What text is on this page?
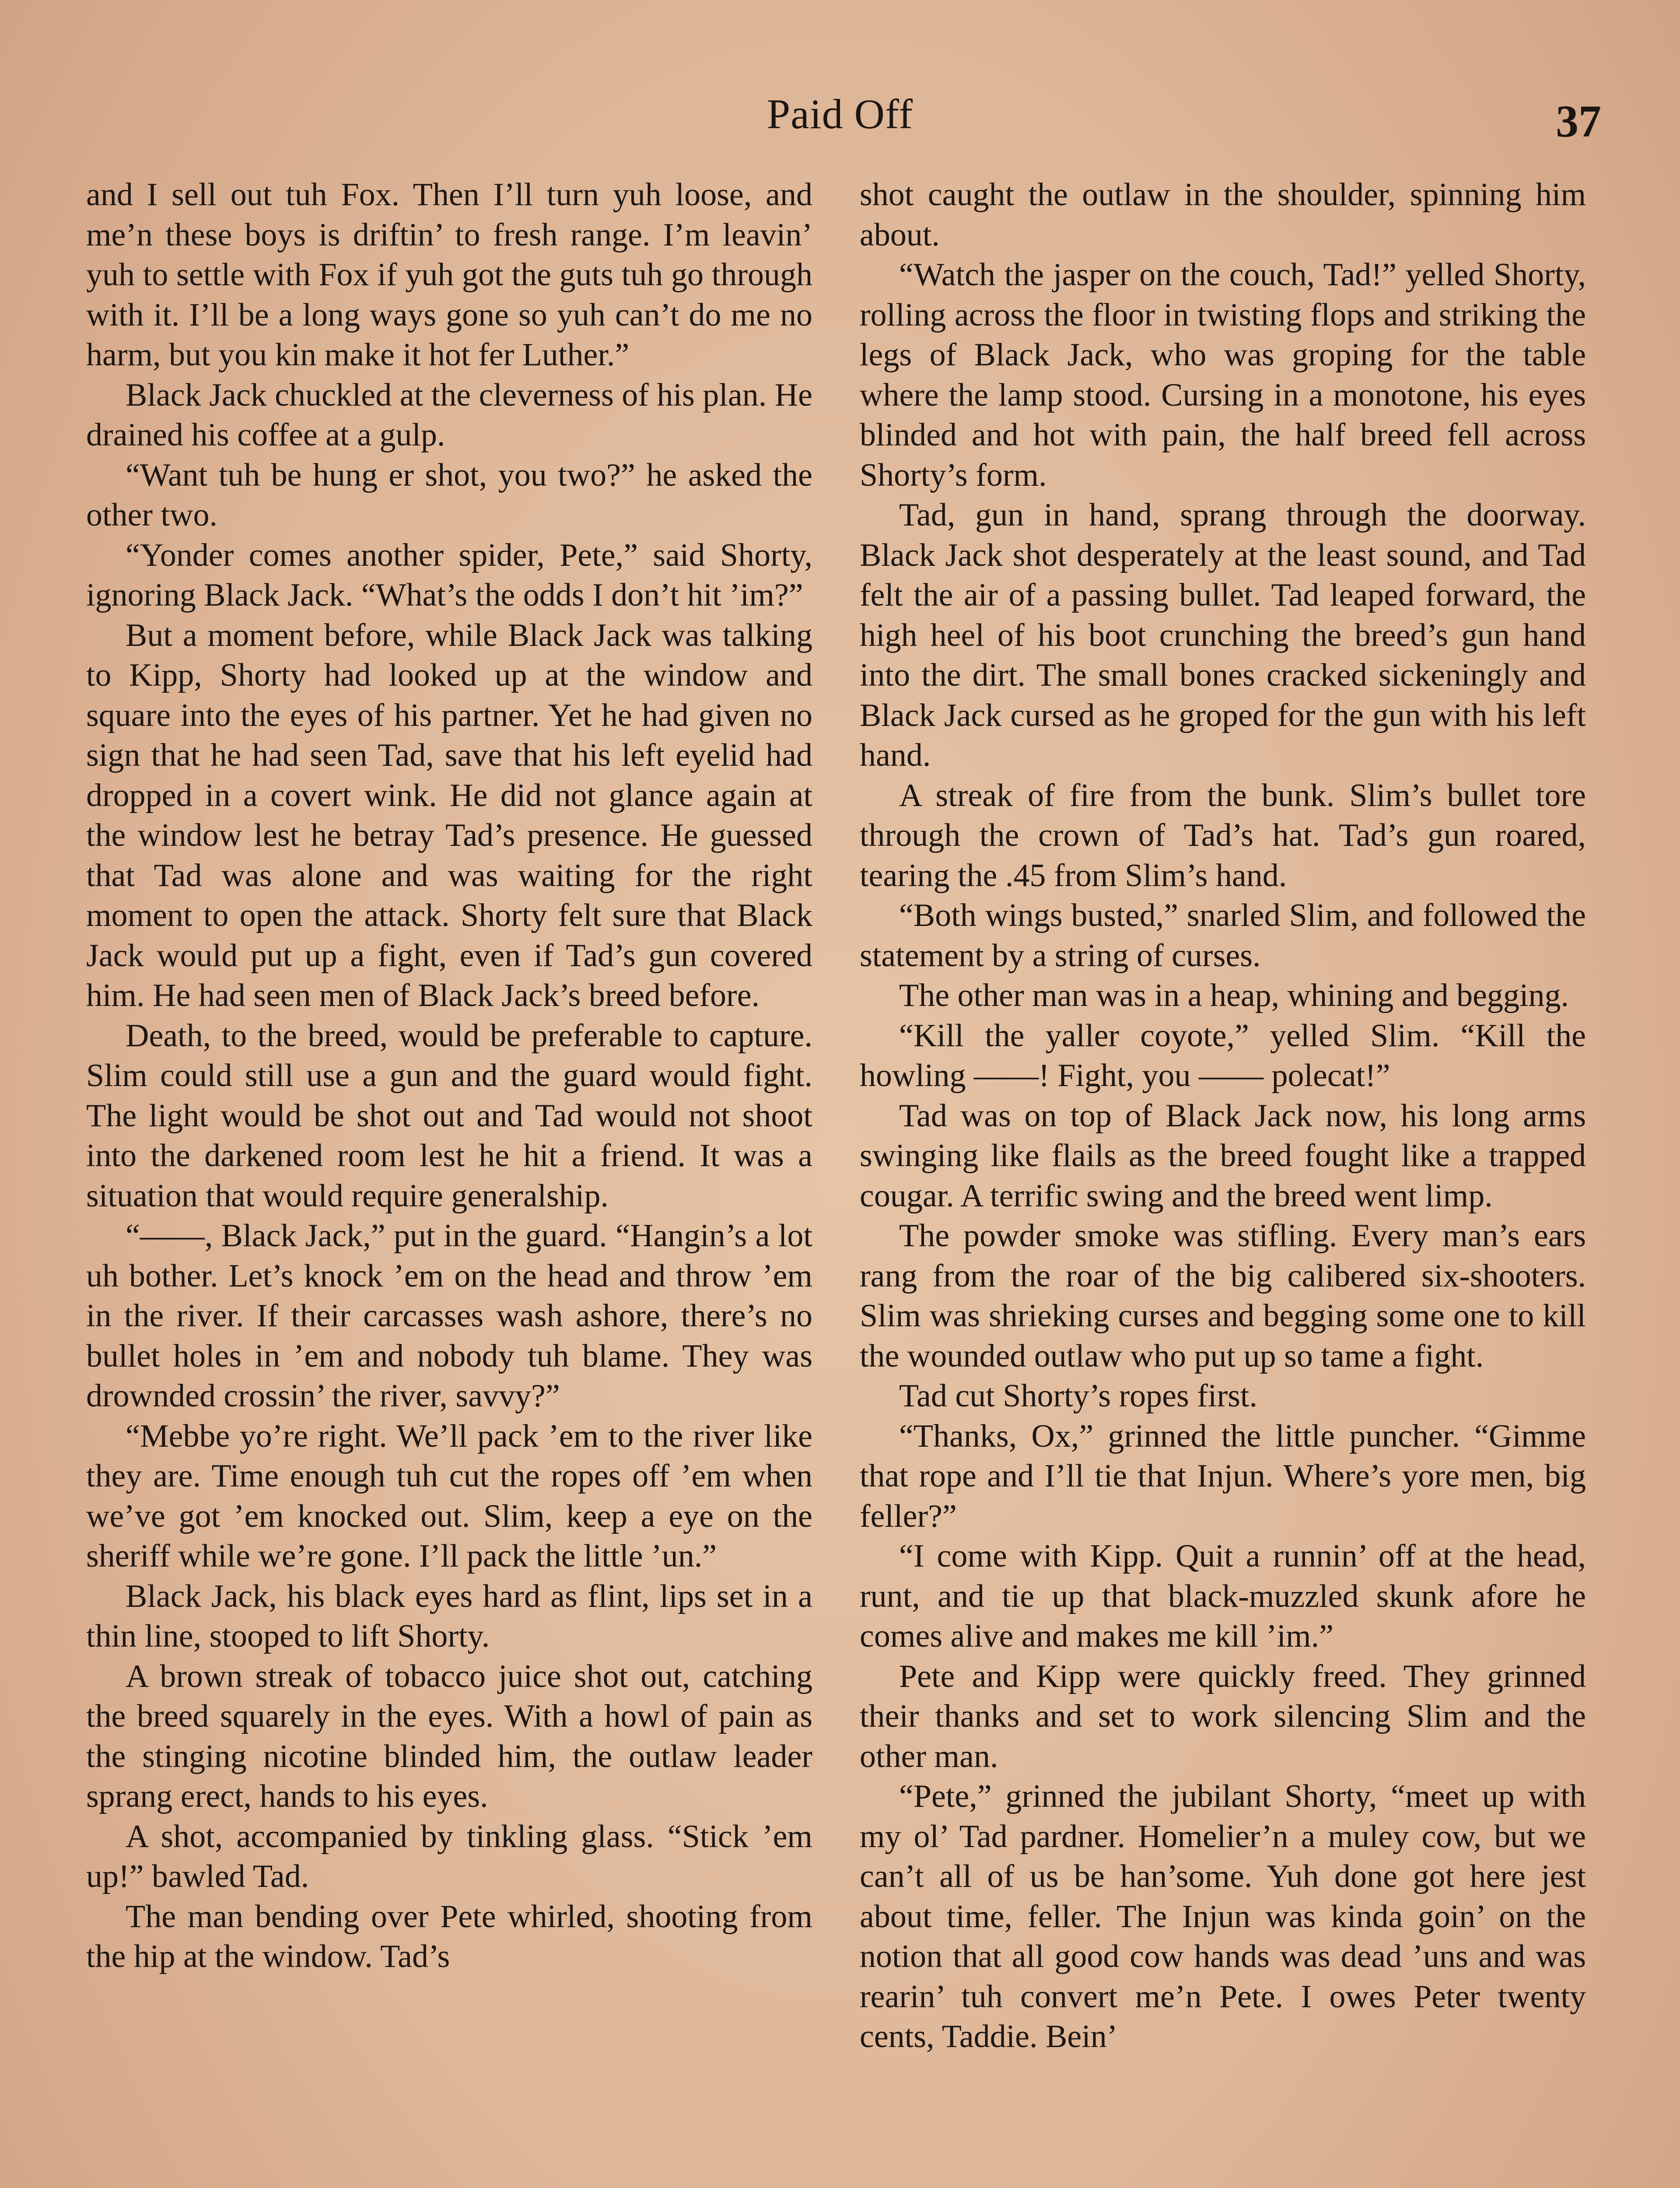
Paid Off	37

and I sell out tuh Fox. Then I’ll turn yuh loose, and me’n these boys is driftin’ to fresh range. I’m leavin’ yuh to settle with Fox if yuh got the guts tuh go through with it. I’ll be a long ways gone so yuh can’t do me no harm, but you kin make it hot fer Luther.”

Black Jack chuckled at the cleverness of his plan. He drained his coffee at a gulp.

“Want tuh be hung er shot, you two?” he asked the other two.

“Yonder comes another spider, Pete,” said Shorty, ignoring Black Jack. “What’s the odds I don’t hit ’im?”

But a moment before, while Black Jack was talking to Kipp, Shorty had looked up at the window and square into the eyes of his partner. Yet he had given no sign that he had seen Tad, save that his left eyelid had dropped in a covert wink. He did not glance again at the window lest he betray Tad’s presence. He guessed that Tad was alone and was waiting for the right moment to open the attack. Shorty felt sure that Black Jack would put up a fight, even if Tad’s gun covered him. He had seen men of Black Jack’s breed before.

Death, to the breed, would be preferable to capture. Slim could still use a gun and the guard would fight. The light would be shot out and Tad would not shoot into the darkened room lest he hit a friend. It was a situation that would require generalship.

“——, Black Jack,” put in the guard. “Hangin’s a lot uh bother. Let’s knock ’em on the head and throw ’em in the river. If their carcasses wash ashore, there’s no bullet holes in ’em and nobody tuh blame. They was drownded crossin’ the river, savvy?”

“Mebbe yo’re right. We’ll pack ’em to the river like they are. Time enough tuh cut the ropes off ’em when we’ve got ’em knocked out. Slim, keep a eye on the sheriff while we’re gone. I’ll pack the little ’un.”

Black Jack, his black eyes hard as flint, lips set in a thin line, stooped to lift Shorty.

A brown streak of tobacco juice shot out, catching the breed squarely in the eyes. With a howl of pain as the stinging nicotine blinded him, the outlaw leader sprang erect, hands to his eyes.

A shot, accompanied by tinkling glass. “Stick ’em up!” bawled Tad.

The man bending over Pete whirled, shooting from the hip at the window. Tad’s

shot caught the outlaw in the shoulder, spinning him about.

“Watch the jasper on the couch, Tad!” yelled Shorty, rolling across the floor in twisting flops and striking the legs of Black Jack, who was groping for the table where the lamp stood. Cursing in a monotone, his eyes blinded and hot with pain, the half breed fell across Shorty’s form.

Tad, gun in hand, sprang through the doorway. Black Jack shot desperately at the least sound, and Tad felt the air of a passing bullet. Tad leaped forward, the high heel of his boot crunching the breed’s gun hand into the dirt. The small bones cracked sickeningly and Black Jack cursed as he groped for the gun with his left hand.

A streak of fire from the bunk. Slim’s bullet tore through the crown of Tad’s hat. Tad’s gun roared, tearing the .45 from Slim’s hand.

“Both wings busted,” snarled Slim, and followed the statement by a string of curses.

The other man was in a heap, whining and begging.

“Kill the yaller coyote,” yelled Slim. “Kill the howling ——! Fight, you —— polecat!”

Tad was on top of Black Jack now, his long arms swinging like flails as the breed fought like a trapped cougar. A terrific swing and the breed went limp.

The powder smoke was stifling. Every man’s ears rang from the roar of the big calibered six-shooters. Slim was shrieking curses and begging some one to kill the wounded outlaw who put up so tame a fight.

Tad cut Shorty’s ropes first.

“Thanks, Ox,” grinned the little puncher. “Gimme that rope and I’ll tie that Injun. Where’s yore men, big feller?”

“I come with Kipp. Quit a runnin’ off at the head, runt, and tie up that black-muzzled skunk afore he comes alive and makes me kill ’im.”

Pete and Kipp were quickly freed. They grinned their thanks and set to work silencing Slim and the other man.

“Pete,” grinned the jubilant Shorty, “meet up with my ol’ Tad pardner. Homelier’n a muley cow, but we can’t all of us be han’some. Yuh done got here jest about time, feller. The Injun was kinda goin’ on the notion that all good cow hands was dead ’uns and was rearin’ tuh convert me’n Pete. I owes Peter twenty cents, Taddie. Bein’
